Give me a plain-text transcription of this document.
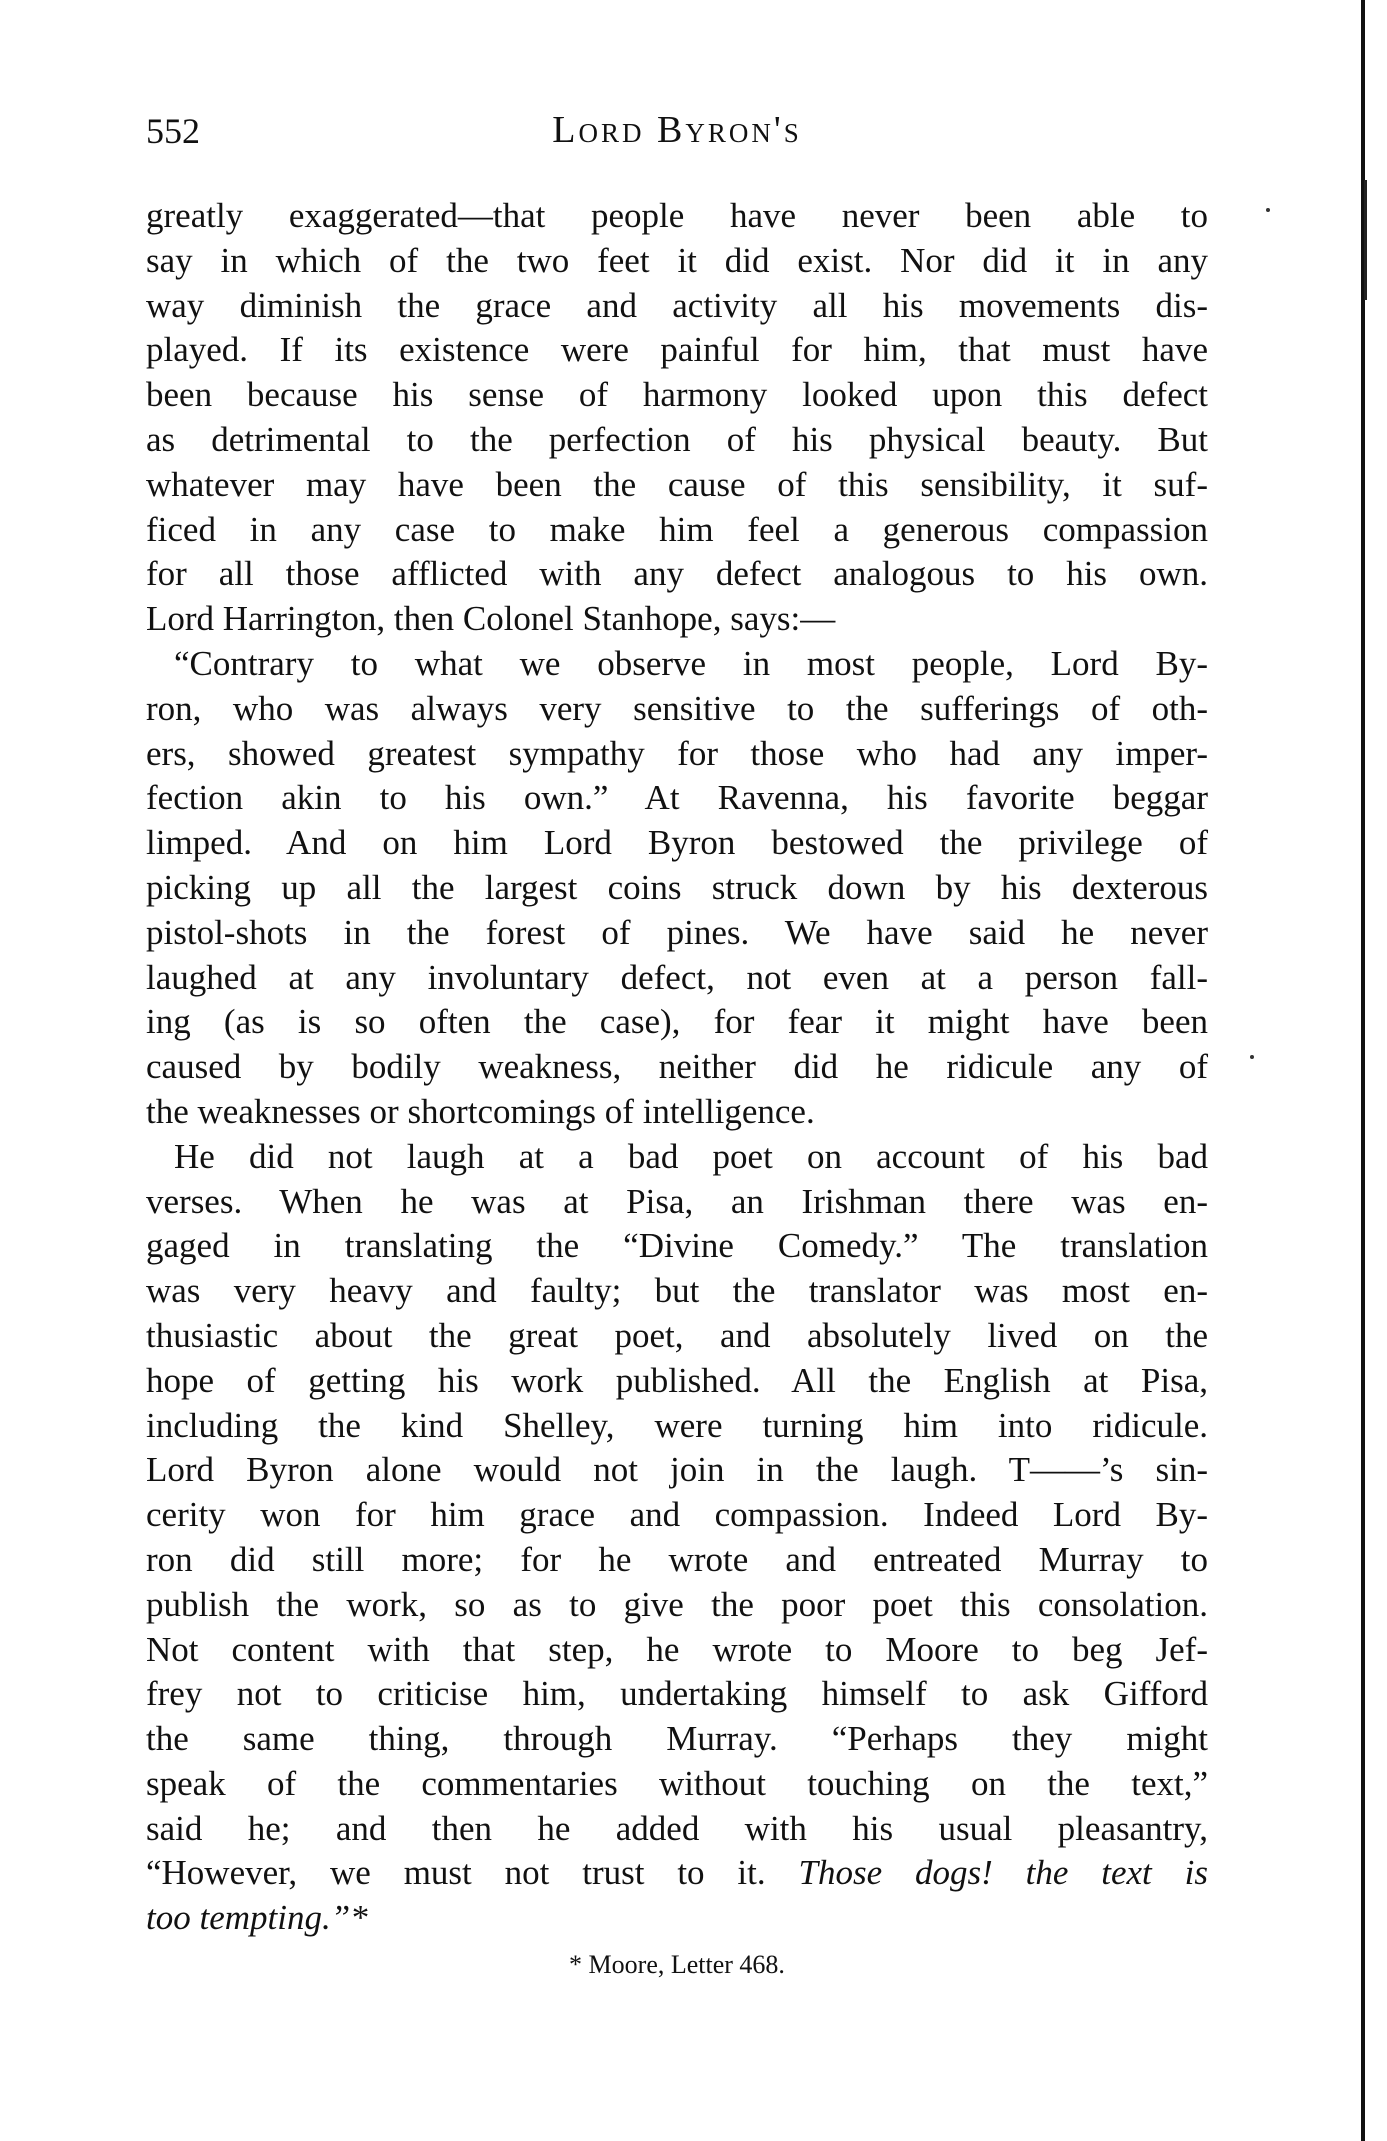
552	Lord Byron's
greatly exaggerated—that people have never been able to
say in which of the two feet it did exist. Nor did it in any
way diminish the grace and activity all his movements dis-
played. If its existence were painful for him, that must have
been because his sense of harmony looked upon this defect
as detrimental to the perfection of his physical beauty. But
whatever may have been the cause of this sensibility, it suf-
ficed in any case to make him feel a generous compassion
for all those afflicted with any defect analogous to his own.
Lord Harrington, then Colonel Stanhope, says:—
“Contrary to what we observe in most people, Lord By-
ron, who was always very sensitive to the sufferings of oth-
ers, showed greatest sympathy for those who had any imper-
fection akin to his own.” At Ravenna, his favorite beggar
limped. And on him Lord Byron bestowed the privilege of
picking up all the largest coins struck down by his dexterous
pistol-shots in the forest of pines. We have said he never
laughed at any involuntary defect, not even at a person fall-
ing (as is so often the case), for fear it might have been
caused by bodily weakness, neither did he ridicule any of
the weaknesses or shortcomings of intelligence.
He did not laugh at a bad poet on account of his bad
verses. When he was at Pisa, an Irishman there was en-
gaged in translating the “Divine Comedy.” The translation
was very heavy and faulty; but the translator was most en-
thusiastic about the great poet, and absolutely lived on the
hope of getting his work published. All the English at Pisa,
including the kind Shelley, were turning him into ridicule.
Lord Byron alone would not join in the laugh. T——’s sin-
cerity won for him grace and compassion. Indeed Lord By-
ron did still more; for he wrote and entreated Murray to
publish the work, so as to give the poor poet this consolation.
Not content with that step, he wrote to Moore to beg Jef-
frey not to criticise him, undertaking himself to ask Gifford
the same thing, through Murray. “Perhaps they might
speak of the commentaries without touching on the text,”
said he; and then he added with his usual pleasantry,
“However, we must not trust to it. Those dogs! the text is
too tempting.”*
* Moore, Letter 468.
